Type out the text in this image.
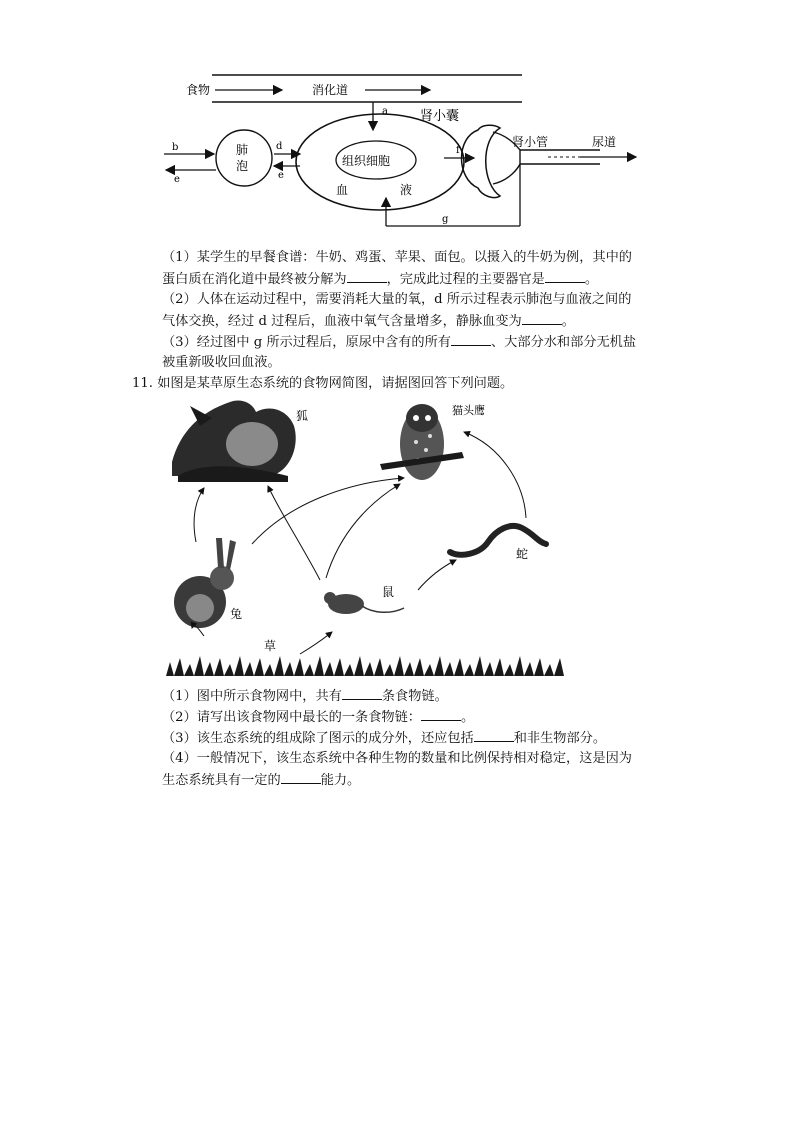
食物	消化道
a 肾小囊
肺
泡
b
e
d
e
组织细胞
血	液
f
肾小管	尿道
g
（1）某学生的早餐食谱：牛奶、鸡蛋、苹果、面包。以摄入的牛奶为例，其中的
蛋白质在消化道中最终被分解为	，完成此过程的主要器官是	。
（2）人体在运动过程中，需要消耗大量的氧，d 所示过程表示肺泡与血液之间的
气体交换，经过 d 过程后，血液中氧气含量增多，静脉血变为	。
（3）经过图中 g 所示过程后，原尿中含有的所有	、大部分水和部分无机盐
被重新吸收回血液。
11. 如图是某草原生态系统的食物网简图，请据图回答下列问题。
狐	猫头鹰
蛇
兔
鼠
草
（1）图中所示食物网中，共有	条食物链。
（2）请写出该食物网中最长的一条食物链：	。
（3）该生态系统的组成除了图示的成分外，还应包括	和非生物部分。
（4）一般情况下，该生态系统中各种生物的数量和比例保持相对稳定，这是因为
生态系统具有一定的	能力。
